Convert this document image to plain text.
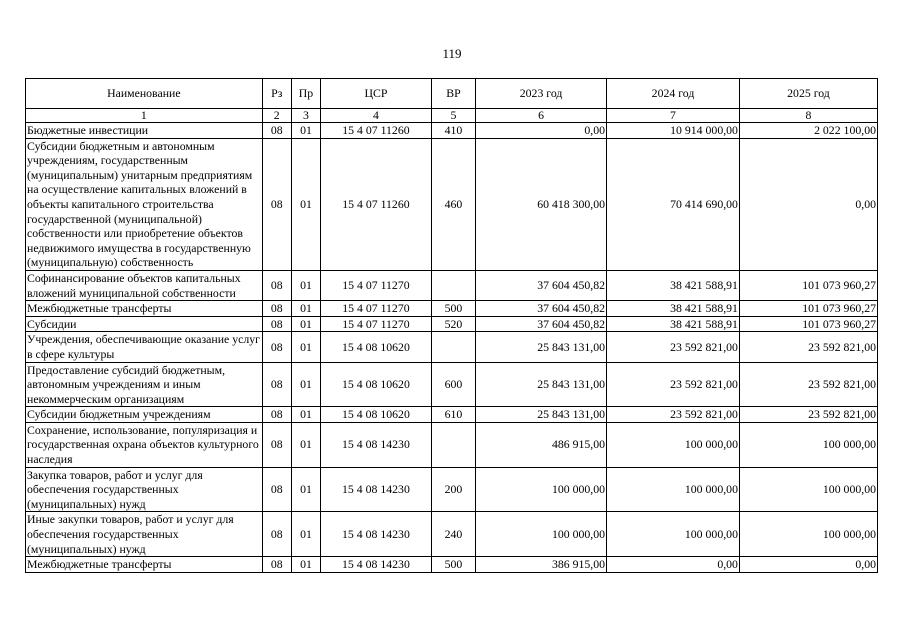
119
Наименование	Рз	Пр	ЦСР	ВР	2023 год	2024 год	2025 год
1	2	3	4	5	6	7	8
Бюджетные инвестиции	08	01	15 4 07 11260	410	0,00	10 914 000,00	2 022 100,00
Субсидии бюджетным и автономным учреждениям, государственным (муниципальным) унитарным предприятиям на осуществление капитальных вложений в объекты капитального строительства государственной (муниципальной) собственности или приобретение объектов недвижимого имущества в государственную (муниципальную) собственность	08	01	15 4 07 11260	460	60 418 300,00	70 414 690,00	0,00
Софинансирование объектов капитальных вложений муниципальной собственности	08	01	15 4 07 11270		37 604 450,82	38 421 588,91	101 073 960,27
Межбюджетные трансферты	08	01	15 4 07 11270	500	37 604 450,82	38 421 588,91	101 073 960,27
Субсидии	08	01	15 4 07 11270	520	37 604 450,82	38 421 588,91	101 073 960,27
Учреждения, обеспечивающие оказание услуг в сфере культуры	08	01	15 4 08 10620		25 843 131,00	23 592 821,00	23 592 821,00
Предоставление субсидий бюджетным, автономным учреждениям и иным некоммерческим организациям	08	01	15 4 08 10620	600	25 843 131,00	23 592 821,00	23 592 821,00
Субсидии бюджетным учреждениям	08	01	15 4 08 10620	610	25 843 131,00	23 592 821,00	23 592 821,00
Сохранение, использование, популяризация и государственная охрана объектов культурного наследия	08	01	15 4 08 14230		486 915,00	100 000,00	100 000,00
Закупка товаров, работ и услуг для обеспечения государственных (муниципальных) нужд	08	01	15 4 08 14230	200	100 000,00	100 000,00	100 000,00
Иные закупки товаров, работ и услуг для обеспечения государственных (муниципальных) нужд	08	01	15 4 08 14230	240	100 000,00	100 000,00	100 000,00
Межбюджетные трансферты	08	01	15 4 08 14230	500	386 915,00	0,00	0,00
